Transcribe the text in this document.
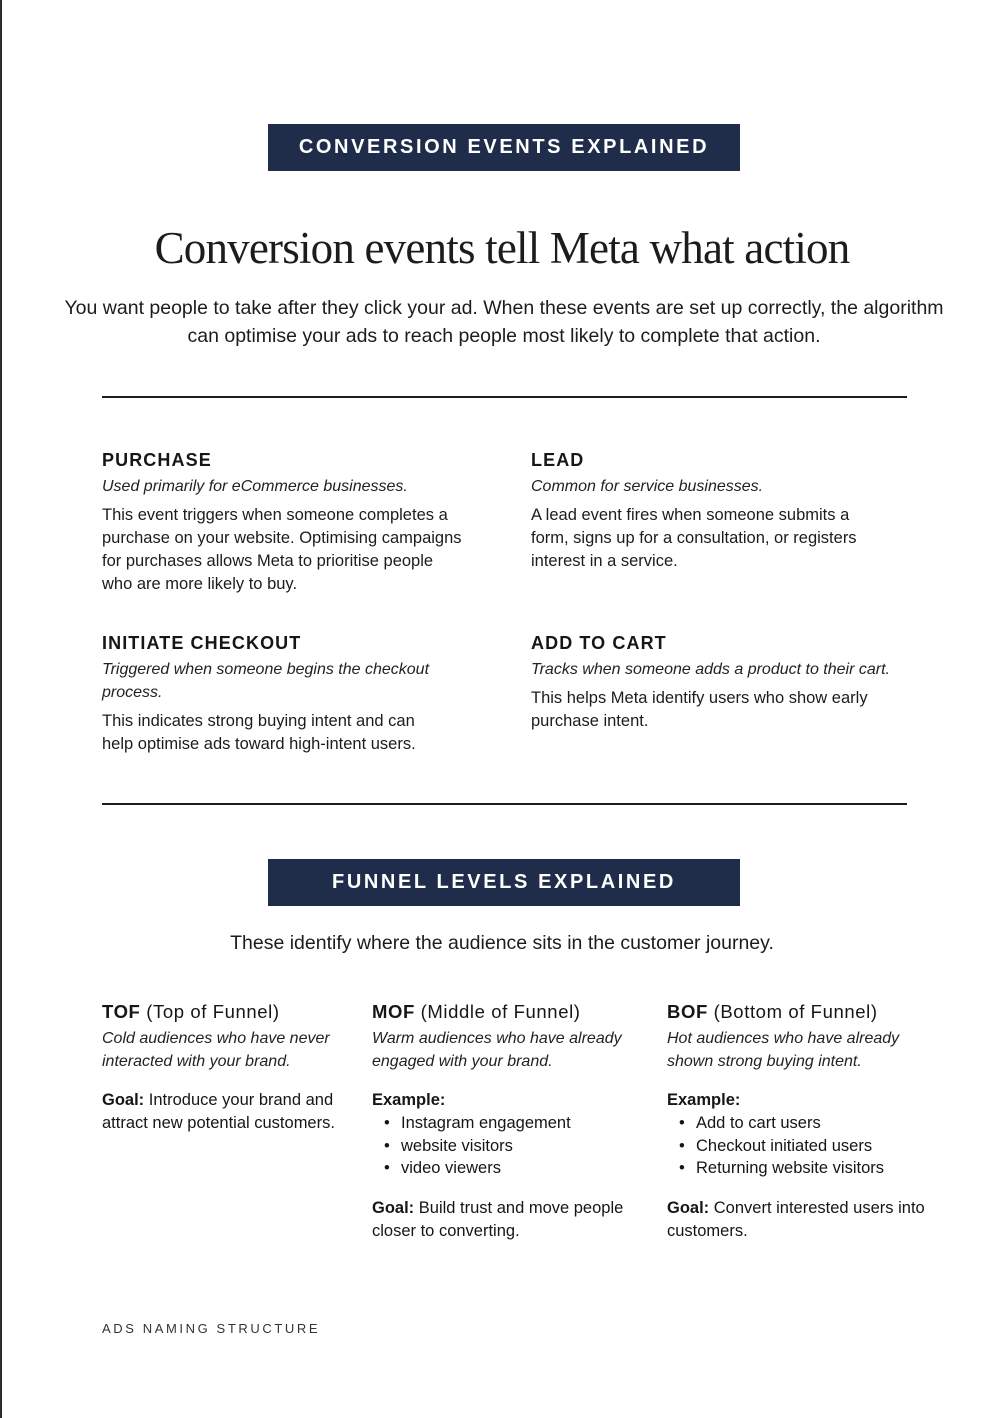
CONVERSION EVENTS EXPLAINED
Conversion events tell Meta what action

You want people to take after they click your ad. When these events are set up correctly, the algorithm can optimise your ads to reach people most likely to complete that action.

PURCHASE
Used primarily for eCommerce businesses.
This event triggers when someone completes a purchase on your website. Optimising campaigns for purchases allows Meta to prioritise people who are more likely to buy.
LEAD
Common for service businesses.
A lead event fires when someone submits a form, signs up for a consultation, or registers interest in a service.
INITIATE CHECKOUT
Triggered when someone begins the checkout process.
This indicates strong buying intent and can help optimise ads toward high-intent users.
ADD TO CART
Tracks when someone adds a product to their cart.
This helps Meta identify users who show early purchase intent.
FUNNEL LEVELS EXPLAINED

These identify where the audience sits in the customer journey.

TOF (Top of Funnel)
Cold audiences who have never interacted with your brand.
Goal: Introduce your brand and attract new potential customers.
MOF (Middle of Funnel)
Warm audiences who have already engaged with your brand.
Example:
• Instagram engagement
• website visitors
• video viewers
Goal: Build trust and move people closer to converting.
BOF (Bottom of Funnel)
Hot audiences who have already shown strong buying intent.
Example:
• Add to cart users
• Checkout initiated users
• Returning website visitors
Goal: Convert interested users into customers.
ADS NAMING STRUCTURE
